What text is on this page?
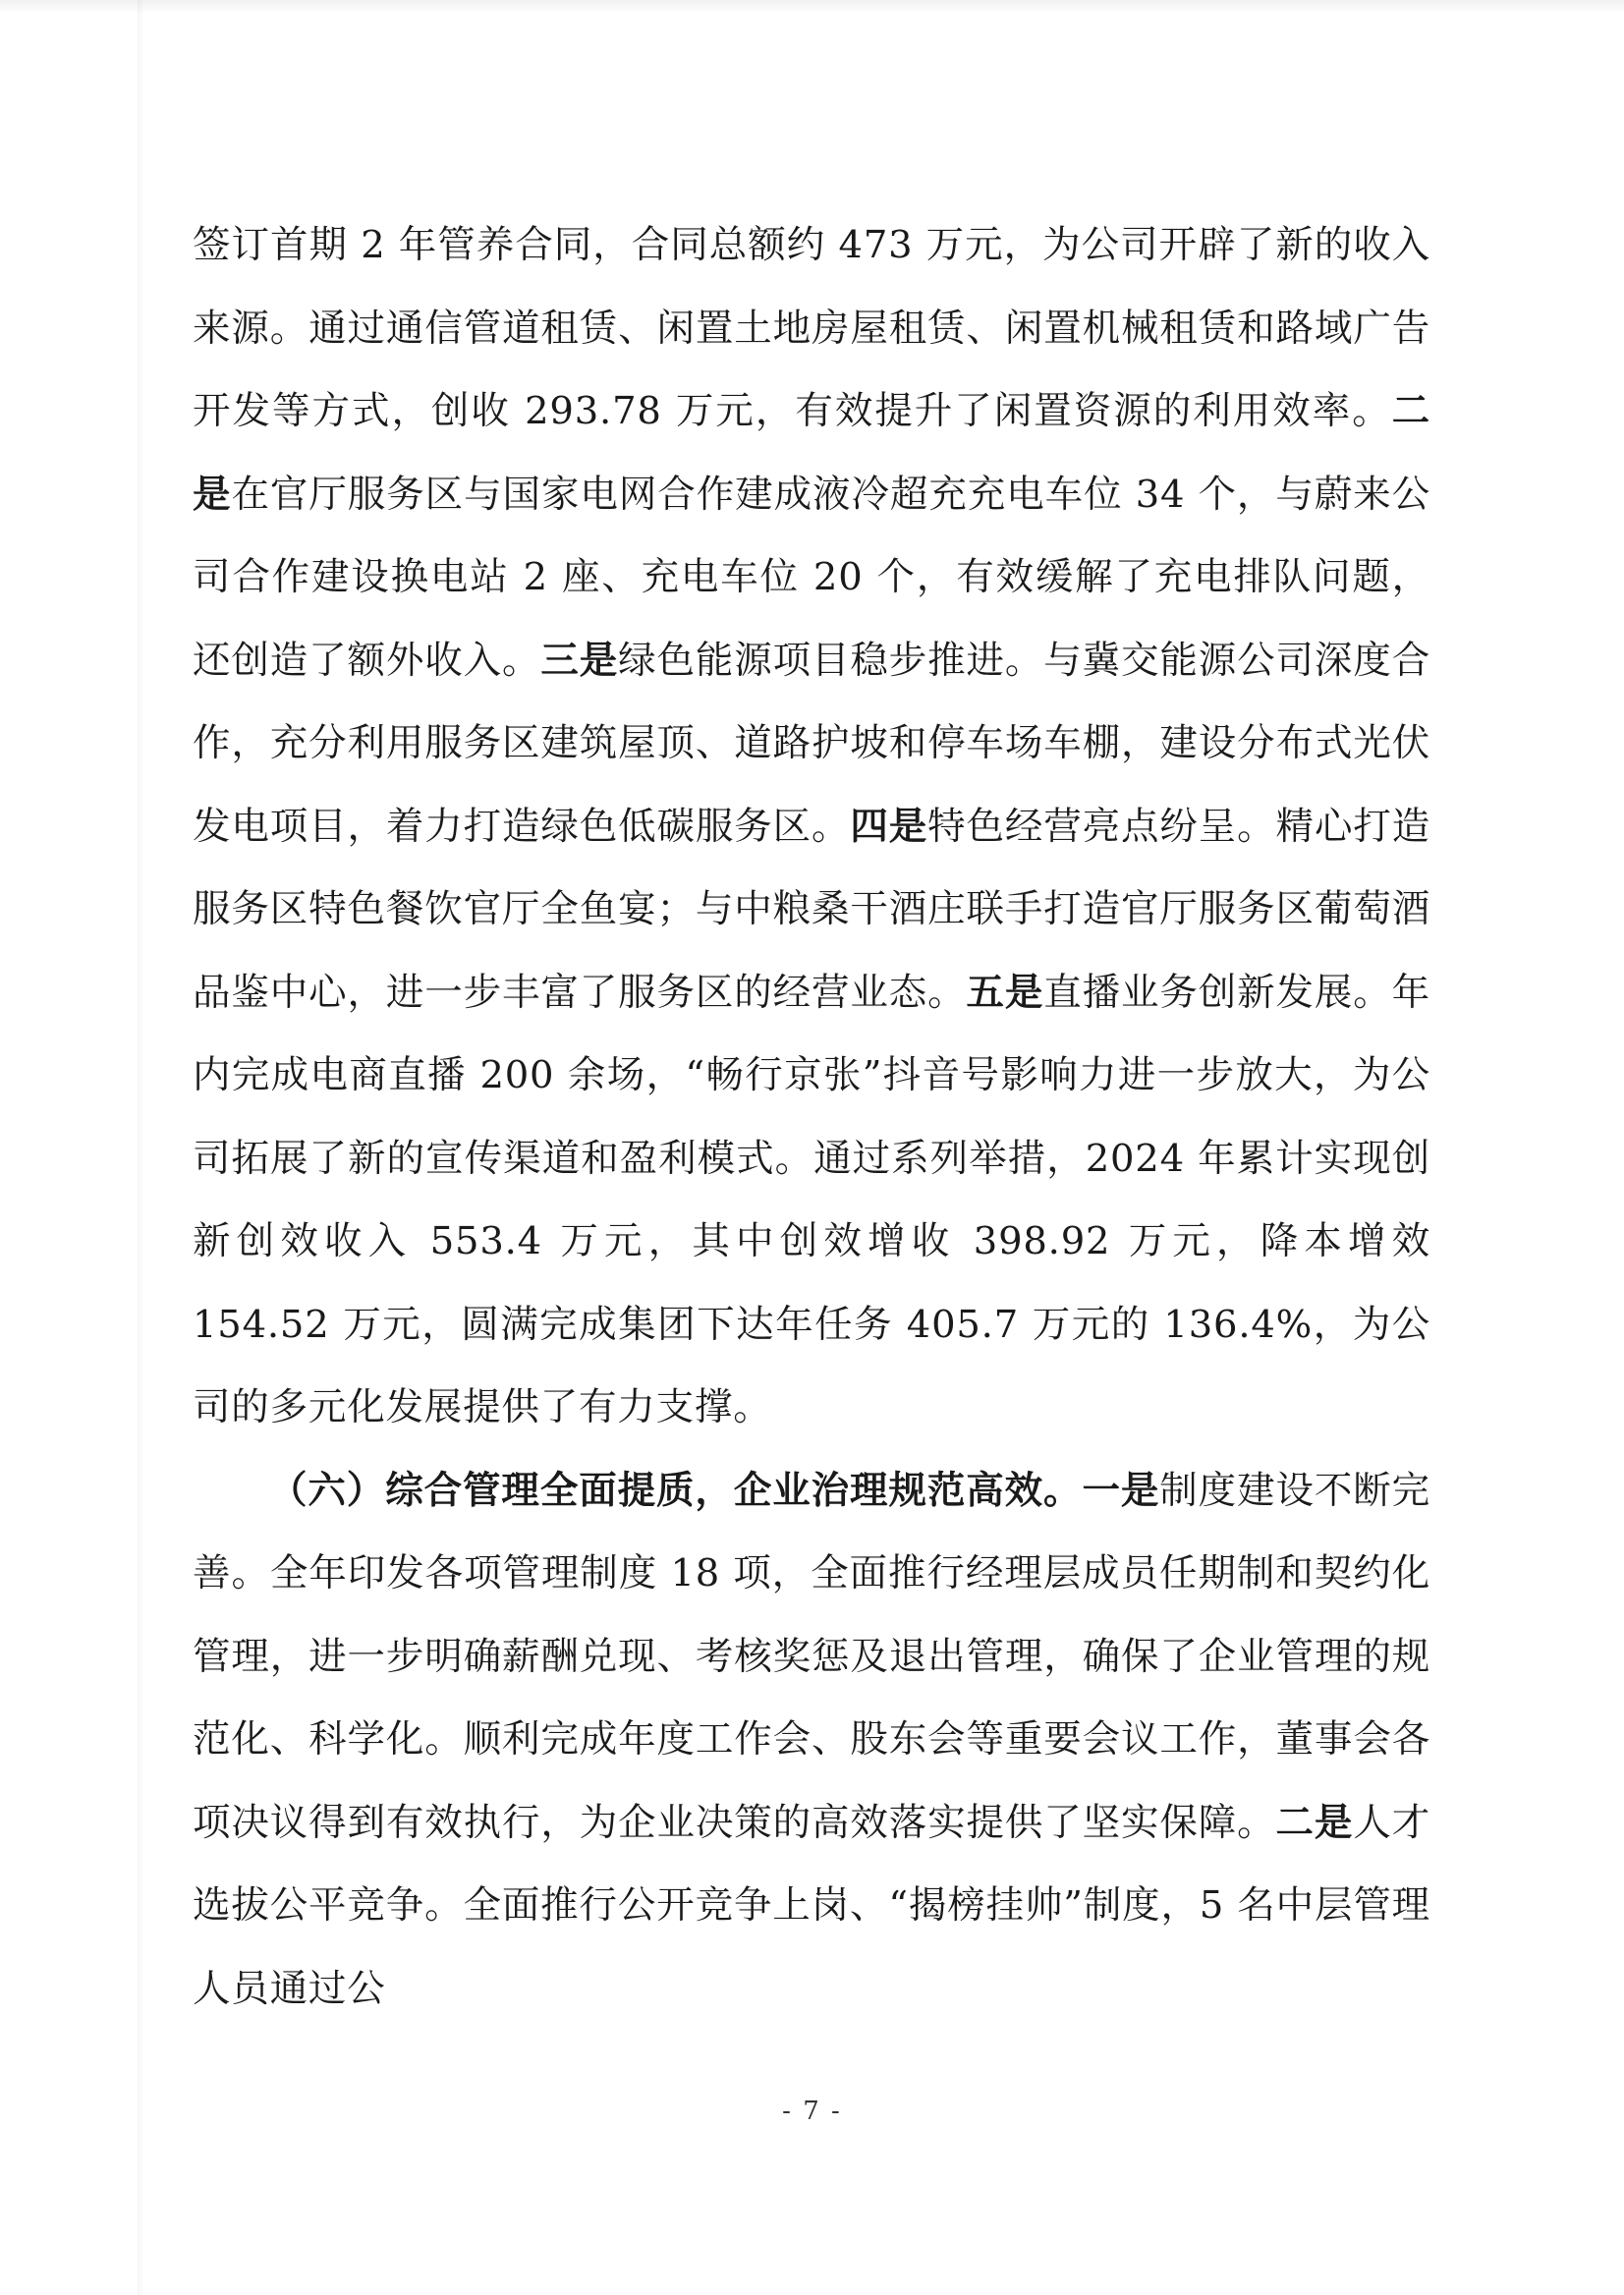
签订首期 2 年管养合同，合同总额约 473 万元，为公司开辟了新的收入来源。通过通信管道租赁、闲置土地房屋租赁、闲置机械租赁和路域广告开发等方式，创收 293.78 万元，有效提升了闲置资源的利用效率。二是在官厅服务区与国家电网合作建成液冷超充充电车位 34 个，与蔚来公司合作建设换电站 2 座、充电车位 20 个，有效缓解了充电排队问题，还创造了额外收入。三是绿色能源项目稳步推进。与冀交能源公司深度合作，充分利用服务区建筑屋顶、道路护坡和停车场车棚，建设分布式光伏发电项目，着力打造绿色低碳服务区。四是特色经营亮点纷呈。精心打造服务区特色餐饮官厅全鱼宴；与中粮桑干酒庄联手打造官厅服务区葡萄酒品鉴中心，进一步丰富了服务区的经营业态。五是直播业务创新发展。年内完成电商直播 200 余场，“畅行京张”抖音号影响力进一步放大，为公司拓展了新的宣传渠道和盈利模式。通过系列举措，2024 年累计实现创新创效收入 553.4 万元，其中创效增收 398.92 万元，降本增效 154.52 万元，圆满完成集团下达年任务 405.7 万元的 136.4%，为公司的多元化发展提供了有力支撑。

（六）综合管理全面提质，企业治理规范高效。一是制度建设不断完善。全年印发各项管理制度 18 项，全面推行经理层成员任期制和契约化管理，进一步明确薪酬兑现、考核奖惩及退出管理，确保了企业管理的规范化、科学化。顺利完成年度工作会、股东会等重要会议工作，董事会各项决议得到有效执行，为企业决策的高效落实提供了坚实保障。二是人才选拔公平竞争。全面推行公开竞争上岗、“揭榜挂帅”制度，5 名中层管理人员通过公

- 7 -
